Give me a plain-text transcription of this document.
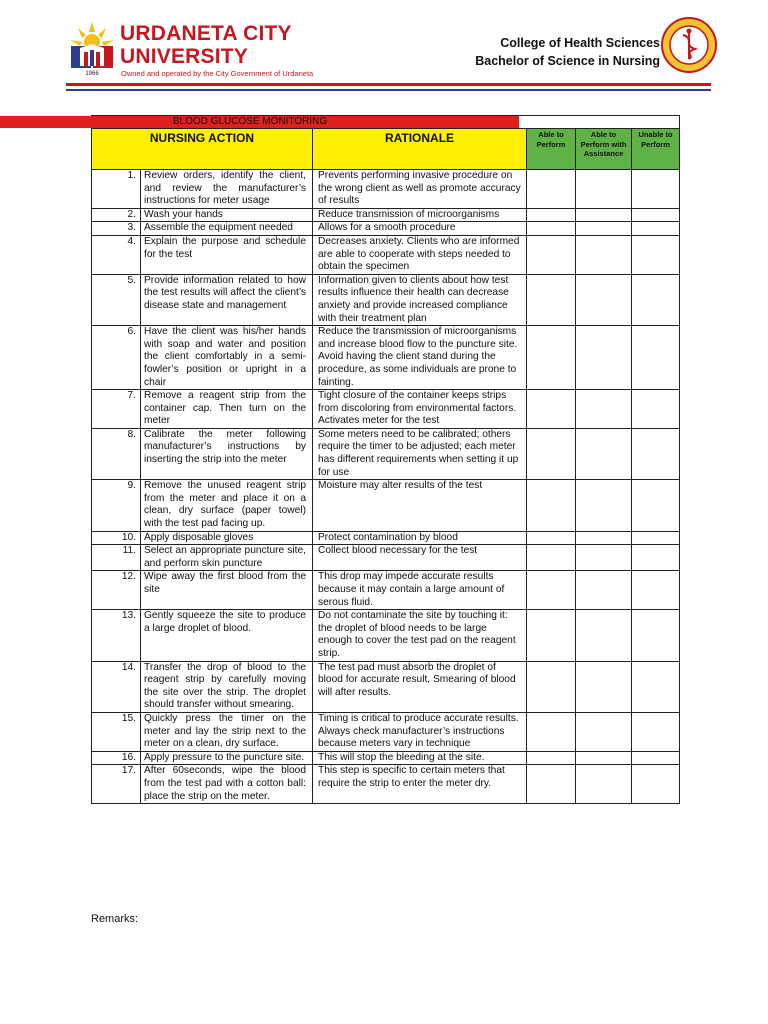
1966
URDANETA CITY
UNIVERSITY
Owned and operated by the City Government of Urdaneta
College of Health Sciences
Bachelor of Science in Nursing
	BLOOD GLUCOSE MONITORING
NURSING ACTION	RATIONALE	Able to Perform	Able to Perform with Assistance	Unable to Perform
1.	Review orders, identify the client, and review the manufacturer’s instructions for meter usage	Prevents performing invasive procedure on the wrong client as well as promote accuracy of results			
2.	Wash your hands	Reduce transmission of microorganisms			
3.	Assemble the equipment needed	Allows for a smooth procedure			
4.	Explain the purpose and schedule for the test	Decreases anxiety. Clients who are informed are able to cooperate with steps needed to obtain the specimen			
5.	Provide information related to how the test results will affect the client’s disease state and management	Information given to clients about how test results influence their health can decrease anxiety and provide increased compliance with their treatment plan			
6.	Have the client was his/her hands with soap and water and position the client comfortably in a semi- fowler’s position or upright in a chair	Reduce the transmission of microorganisms and increase blood flow to the puncture site. Avoid having the client stand during the procedure, as some individuals are prone to fainting.			
7.	Remove a reagent strip from the container cap. Then turn on the meter	Tight closure of the container keeps strips from discoloring from environmental factors. Activates meter for the test			
8.	Calibrate the meter following manufacturer’s instructions by inserting the strip into the meter	Some meters need to be calibrated; others require the timer to be adjusted; each meter has different requirements when setting it up for use			
9.	Remove the unused reagent strip from the meter and place it on a clean, dry surface (paper towel) with the test pad facing up.	Moisture may alter results of the test			
10.	Apply disposable gloves	Protect contamination by blood			
11.	Select an appropriate puncture site, and perform skin puncture	Collect blood necessary for the test			
12.	Wipe away the first blood from the site	This drop may impede accurate results because it may contain a large amount of serous fluid.			
13.	Gently squeeze the site to produce a large droplet of blood.	Do not contaminate the site by touching it: the droplet of blood needs to be large enough to cover the test pad on the reagent strip.			
14.	Transfer the drop of blood to the reagent strip by carefully moving the site over the strip. The droplet should transfer without smearing.	The test pad must absorb the droplet of blood for accurate result, Smearing of blood will after results.			
15.	Quickly press the timer on the meter and lay the strip next to the meter on a clean, dry surface.	Timing is critical to produce accurate results. Always check manufacturer’s instructions because meters vary in technique			
16.	Apply pressure to the puncture site.	This will stop the bleeding at the site.			
17.	After 60seconds, wipe the blood from the test pad with a cotton ball: place the strip on the meter.	This step is specific to certain meters that require the strip to enter the meter dry.			
Remarks:
